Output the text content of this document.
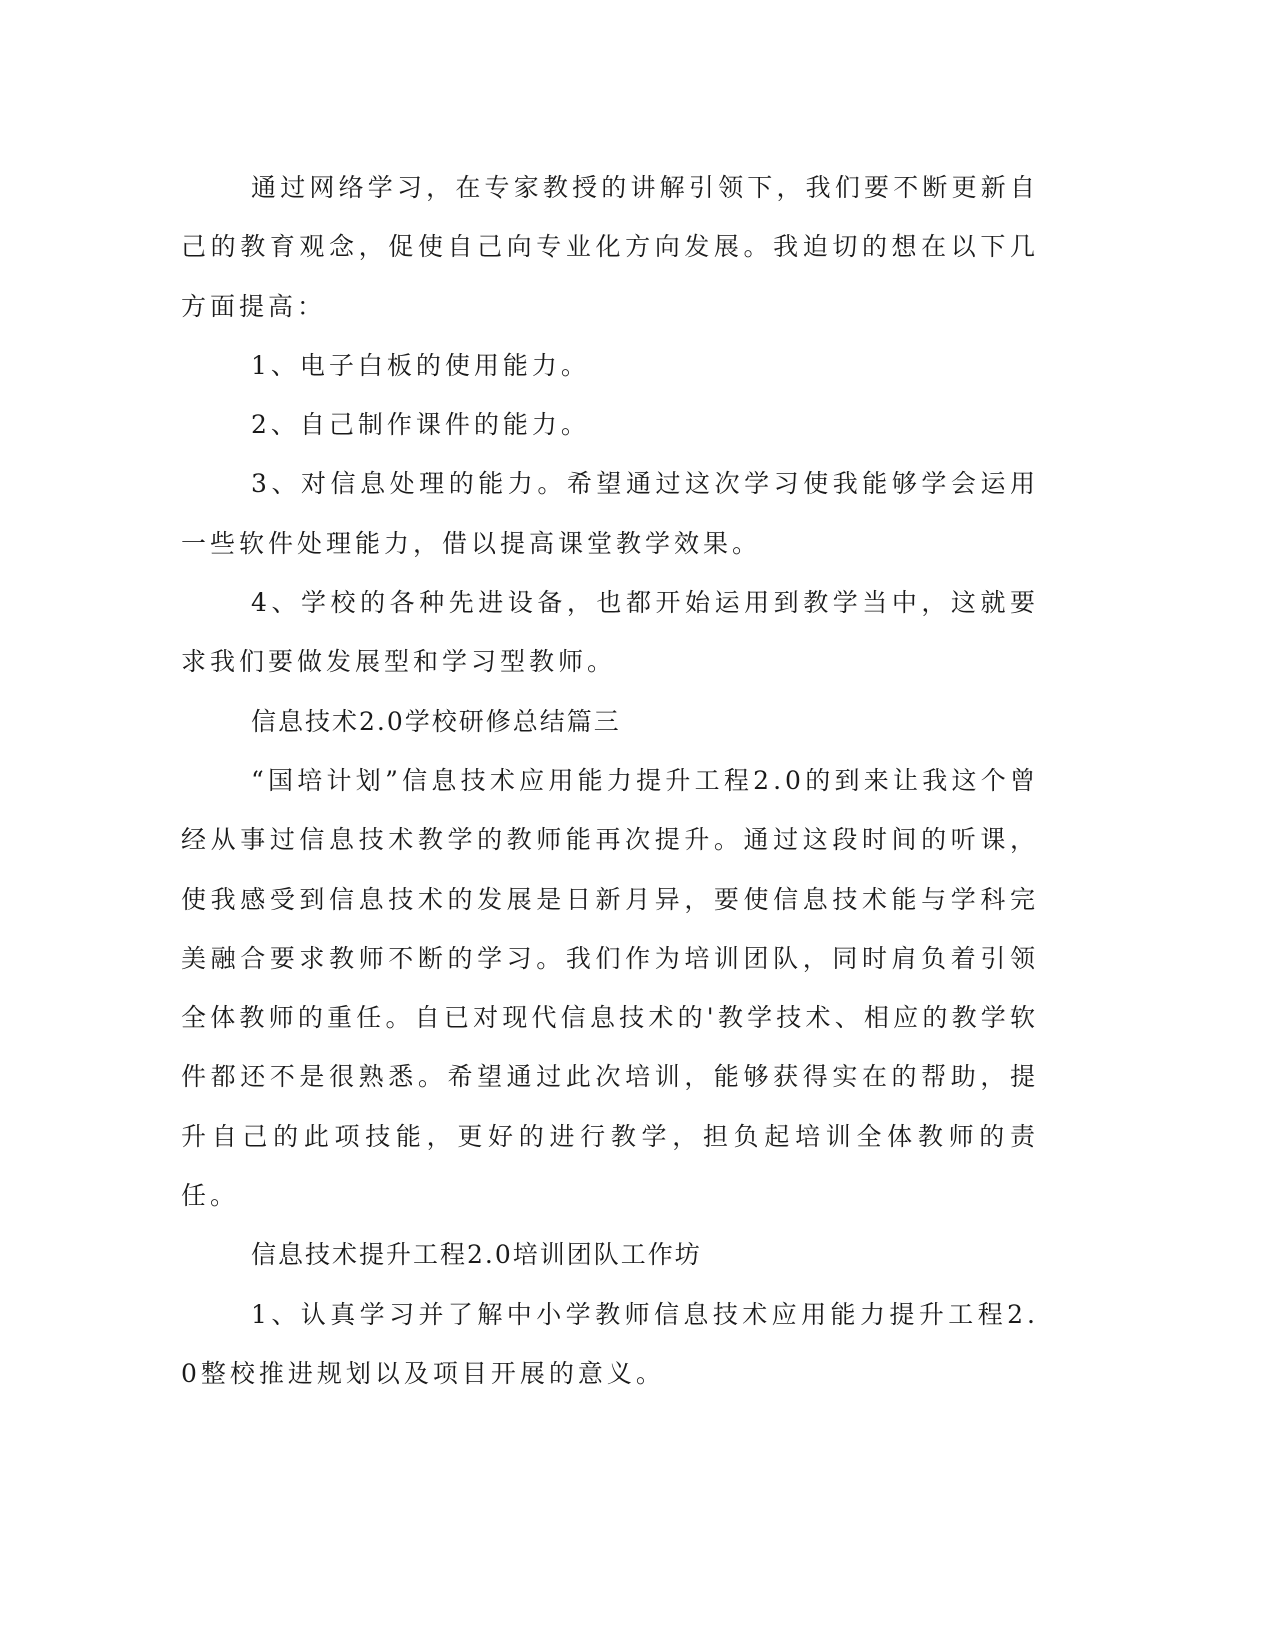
通过网络学习，在专家教授的讲解引领下，我们要不断更新自己的教育观念，促使自己向专业化方向发展。我迫切的想在以下几方面提高：

1、电子白板的使用能力。

2、自己制作课件的能力。

3、对信息处理的能力。希望通过这次学习使我能够学会运用一些软件处理能力，借以提高课堂教学效果。

4、学校的各种先进设备，也都开始运用到教学当中，这就要求我们要做发展型和学习型教师。

信息技术2.0学校研修总结篇三

“国培计划”信息技术应用能力提升工程2.0的到来让我这个曾经从事过信息技术教学的教师能再次提升。通过这段时间的听课，使我感受到信息技术的发展是日新月异，要使信息技术能与学科完美融合要求教师不断的学习。我们作为培训团队，同时肩负着引领全体教师的重任。自已对现代信息技术的'教学技术、相应的教学软件都还不是很熟悉。希望通过此次培训，能够获得实在的帮助，提升自己的此项技能，更好的进行教学，担负起培训全体教师的责任。

信息技术提升工程2.0培训团队工作坊

1、认真学习并了解中小学教师信息技术应用能力提升工程2.0整校推进规划以及项目开展的意义。
